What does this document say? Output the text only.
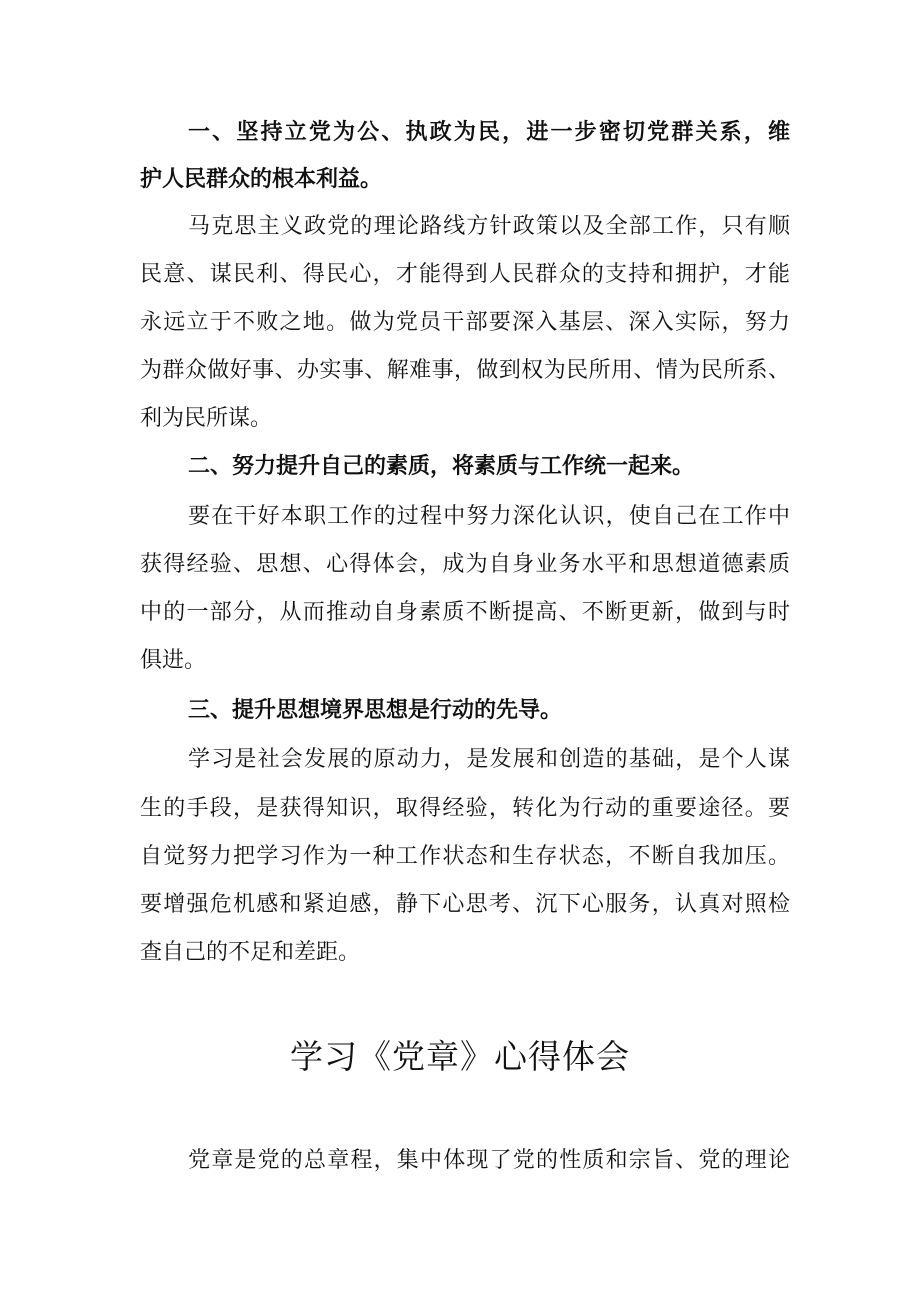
一、坚持立党为公、执政为民，进一步密切党群关系，维
护人民群众的根本利益。
马克思主义政党的理论路线方针政策以及全部工作，只有顺
民意、谋民利、得民心，才能得到人民群众的支持和拥护，才能
永远立于不败之地。做为党员干部要深入基层、深入实际，努力
为群众做好事、办实事、解难事，做到权为民所用、情为民所系、
利为民所谋。
二、努力提升自己的素质，将素质与工作统一起来。
要在干好本职工作的过程中努力深化认识，使自己在工作中
获得经验、思想、心得体会，成为自身业务水平和思想道德素质
中的一部分，从而推动自身素质不断提高、不断更新，做到与时
俱进。
三、提升思想境界思想是行动的先导。
学习是社会发展的原动力，是发展和创造的基础，是个人谋
生的手段，是获得知识，取得经验，转化为行动的重要途径。要
自觉努力把学习作为一种工作状态和生存状态，不断自我加压。
要增强危机感和紧迫感，静下心思考、沉下心服务，认真对照检
查自己的不足和差距。
学习《党章》心得体会
党章是党的总章程，集中体现了党的性质和宗旨、党的理论
